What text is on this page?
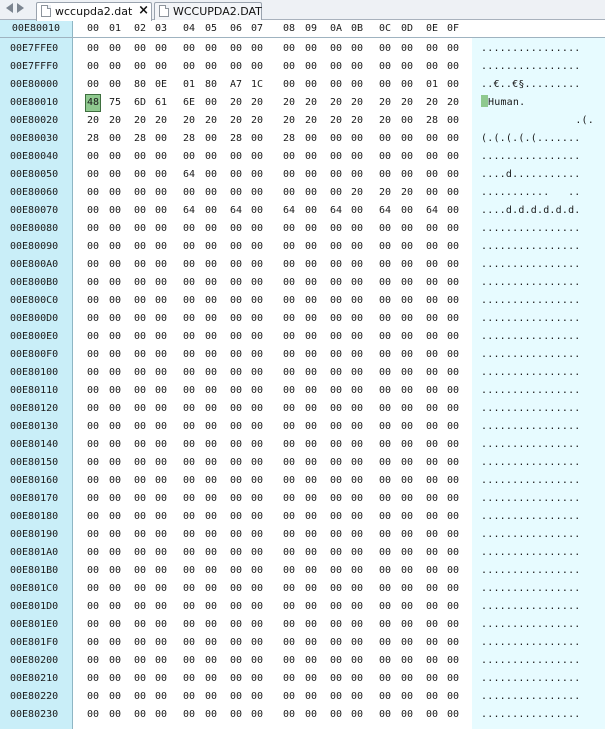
wccupda2.dat × WCCUPDA2.DAT
00E80010	00 01 02 03 04 05 06 07 08 09 0A 0B 0C 0D 0E 0F
00E7FFE0
00E7FFF0
00E80000
00E80010
00E80020
00E80030
00E80040
00E80050
00E80060
00E80070
00E80080
00E80090
00E800A0
00E800B0
00E800C0
00E800D0
00E800E0
00E800F0
00E80100
00E80110
00E80120
00E80130
00E80140
00E80150
00E80160
00E80170
00E80180
00E80190
00E801A0
00E801B0
00E801C0
00E801D0
00E801E0
00E801F0
00E80200
00E80210
00E80220
00E80230
................
................
..€..€§.........
Human.
.(.
(.(.(.(.(.......
................
....d...........
...........   ..
....d.d.d.d.d.d.
................
................
................
................
................
................
................
................
................
................
................
................
................
................
................
................
................
................
................
................
................
................
................
................
................
................
................
................
00 00 00 00 00 00 00 00 00 00 00 00 00 00 00 00
00 00 00 00 00 00 00 00 00 00 00 00 00 00 00 00
00 00 80 0E 01 80 A7 1C 00 00 00 00 00 00 01 00
48 75 6D 61 6E 00 20 20 20 20 20 20 20 20 20 20
20 20 20 20 20 20 20 20 20 20 20 20 20 00 28 00
28 00 28 00 28 00 28 00 28 00 00 00 00 00 00 00
00 00 00 00 00 00 00 00 00 00 00 00 00 00 00 00
00 00 00 00 64 00 00 00 00 00 00 00 00 00 00 00
00 00 00 00 00 00 00 00 00 00 00 20 20 20 00 00
00 00 00 00 64 00 64 00 64 00 64 00 64 00 64 00
00 00 00 00 00 00 00 00 00 00 00 00 00 00 00 00
00 00 00 00 00 00 00 00 00 00 00 00 00 00 00 00
00 00 00 00 00 00 00 00 00 00 00 00 00 00 00 00
00 00 00 00 00 00 00 00 00 00 00 00 00 00 00 00
00 00 00 00 00 00 00 00 00 00 00 00 00 00 00 00
00 00 00 00 00 00 00 00 00 00 00 00 00 00 00 00
00 00 00 00 00 00 00 00 00 00 00 00 00 00 00 00
00 00 00 00 00 00 00 00 00 00 00 00 00 00 00 00
00 00 00 00 00 00 00 00 00 00 00 00 00 00 00 00
00 00 00 00 00 00 00 00 00 00 00 00 00 00 00 00
00 00 00 00 00 00 00 00 00 00 00 00 00 00 00 00
00 00 00 00 00 00 00 00 00 00 00 00 00 00 00 00
00 00 00 00 00 00 00 00 00 00 00 00 00 00 00 00
00 00 00 00 00 00 00 00 00 00 00 00 00 00 00 00
00 00 00 00 00 00 00 00 00 00 00 00 00 00 00 00
00 00 00 00 00 00 00 00 00 00 00 00 00 00 00 00
00 00 00 00 00 00 00 00 00 00 00 00 00 00 00 00
00 00 00 00 00 00 00 00 00 00 00 00 00 00 00 00
00 00 00 00 00 00 00 00 00 00 00 00 00 00 00 00
00 00 00 00 00 00 00 00 00 00 00 00 00 00 00 00
00 00 00 00 00 00 00 00 00 00 00 00 00 00 00 00
00 00 00 00 00 00 00 00 00 00 00 00 00 00 00 00
00 00 00 00 00 00 00 00 00 00 00 00 00 00 00 00
00 00 00 00 00 00 00 00 00 00 00 00 00 00 00 00
00 00 00 00 00 00 00 00 00 00 00 00 00 00 00 00
00 00 00 00 00 00 00 00 00 00 00 00 00 00 00 00
00 00 00 00 00 00 00 00 00 00 00 00 00 00 00 00
00 00 00 00 00 00 00 00 00 00 00 00 00 00 00 00
